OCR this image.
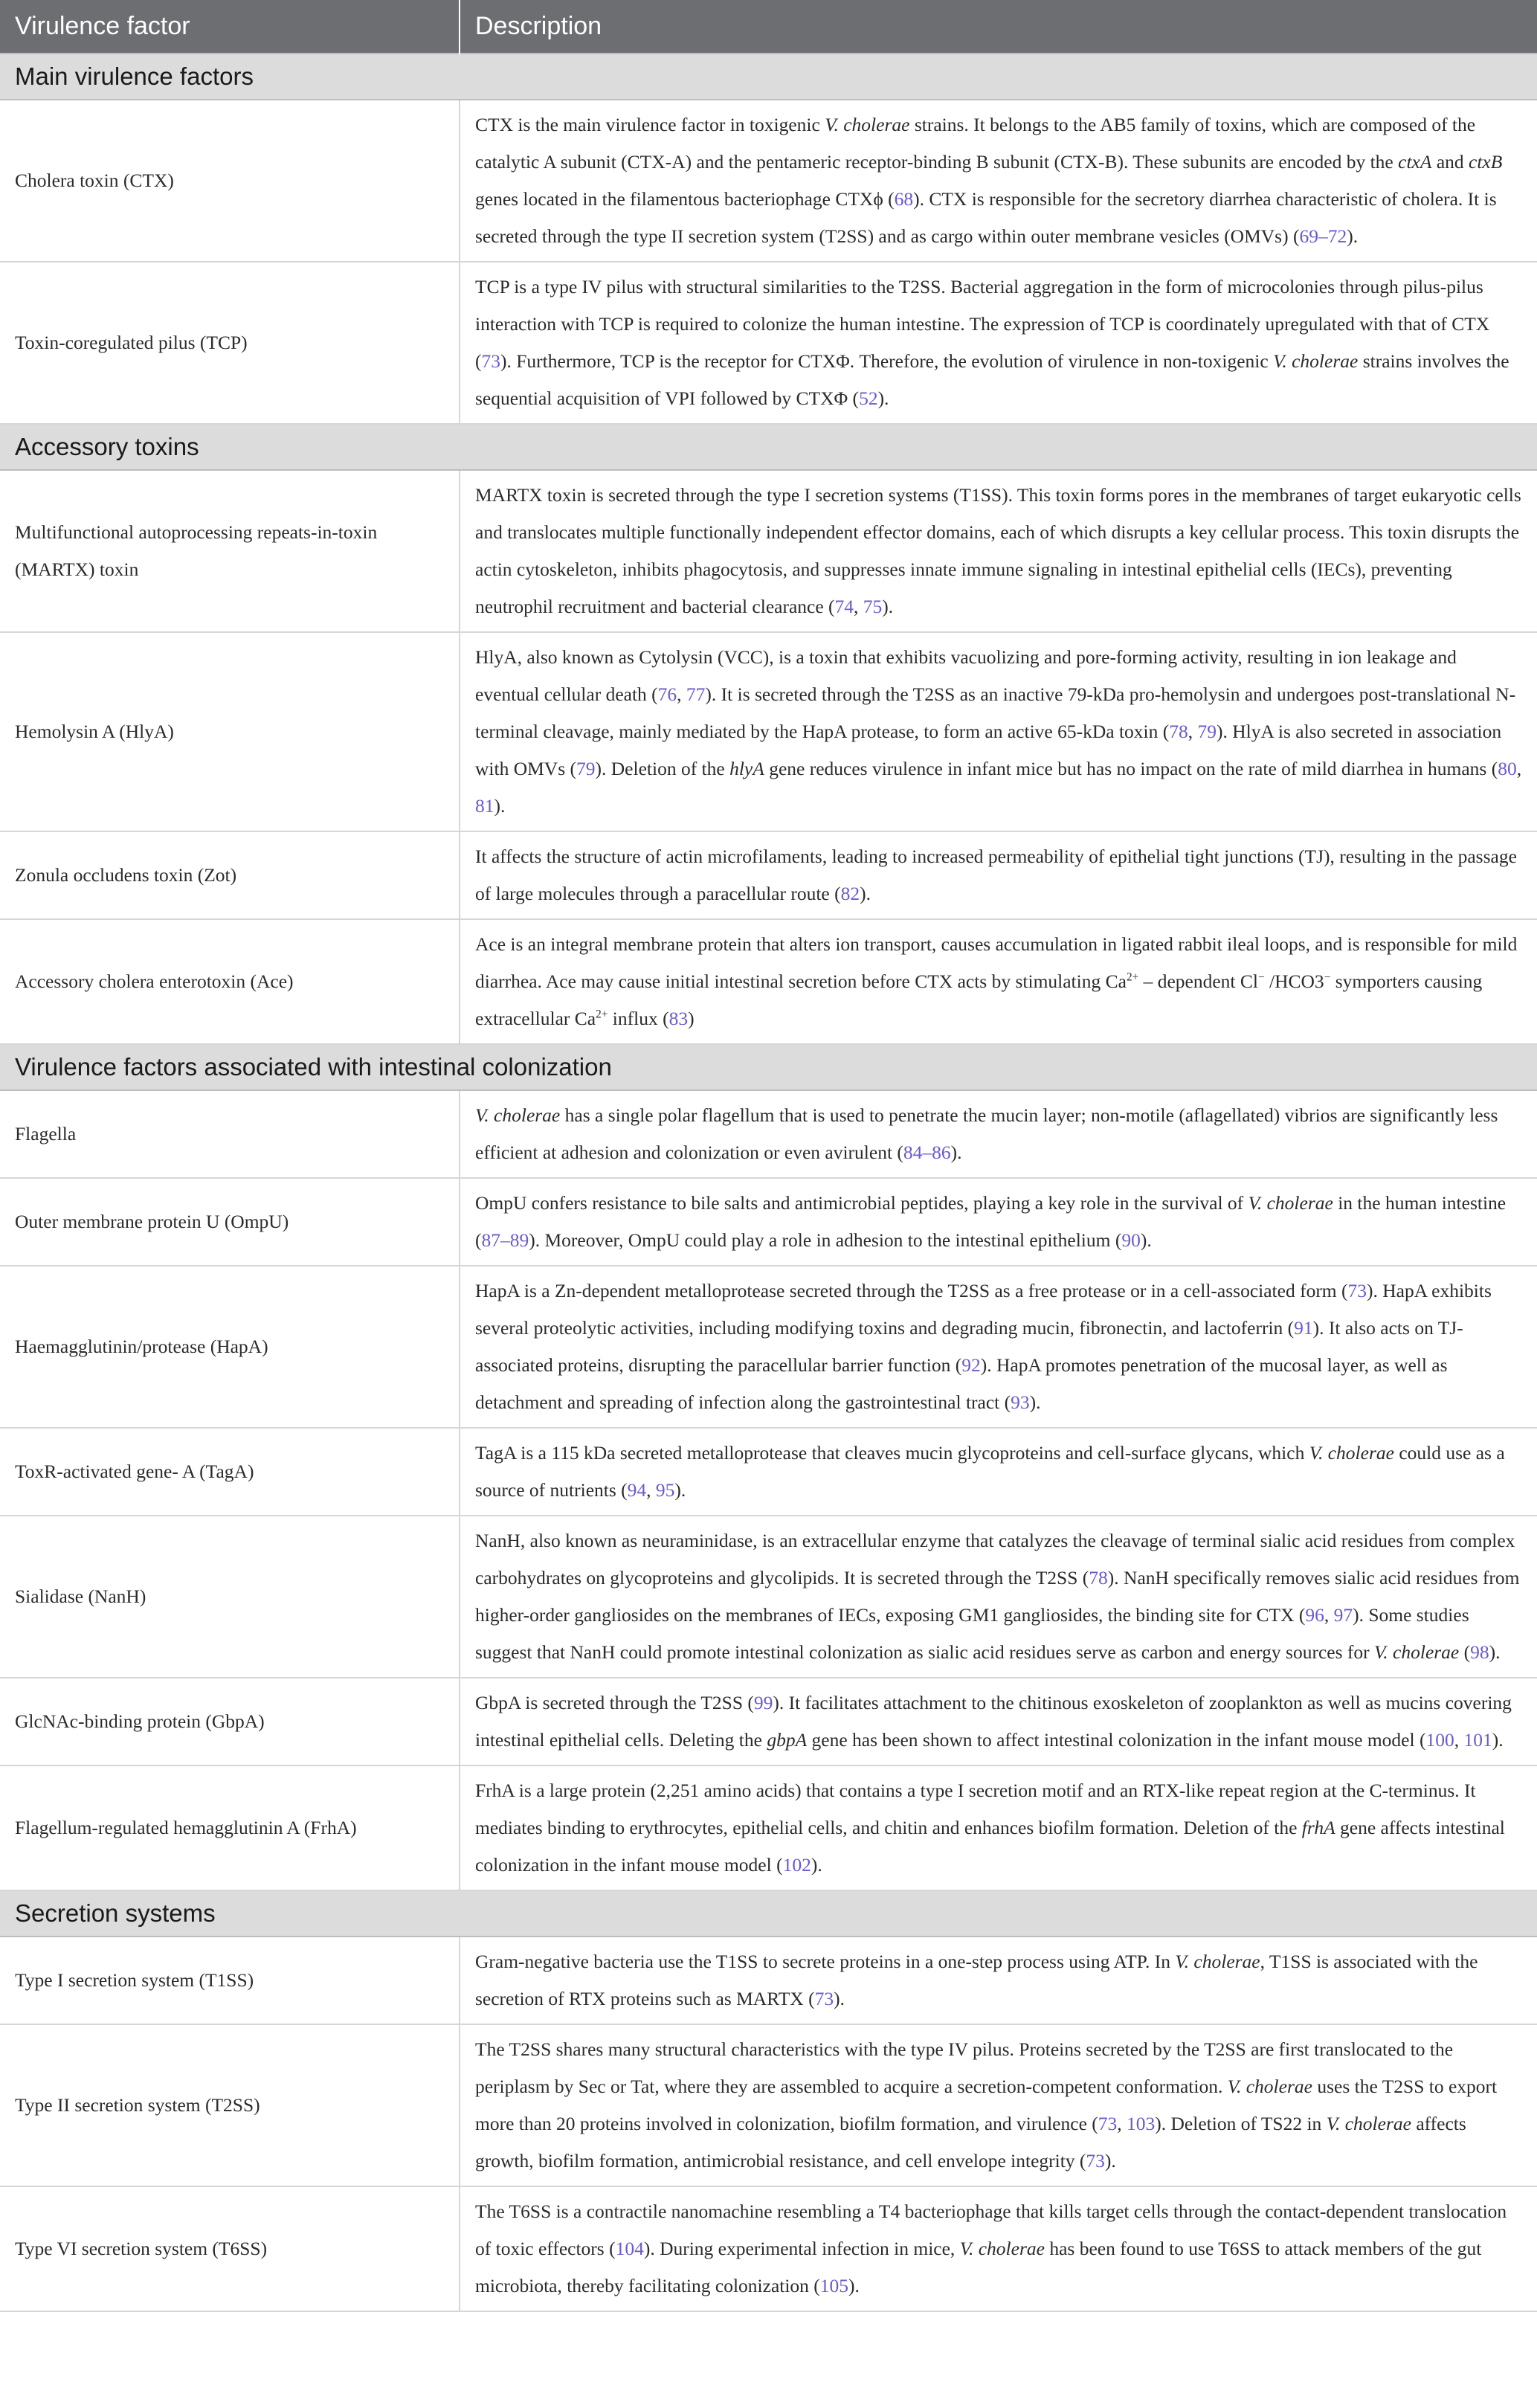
Virulence factor	Description
Main virulence factors	
Cholera toxin (CTX)	CTX is the main virulence factor in toxigenic V. cholerae strains. It belongs to the AB5 family of toxins, which are composed of the catalytic A subunit (CTX-A) and the pentameric receptor-binding B subunit (CTX-B). These subunits are encoded by the ctxA and ctxB genes located in the filamentous bacteriophage CTXϕ (68). CTX is responsible for the secretory diarrhea characteristic of cholera. It is secreted through the type II secretion system (T2SS) and as cargo within outer membrane vesicles (OMVs) (69–72).
Toxin-coregulated pilus (TCP)	TCP is a type IV pilus with structural similarities to the T2SS. Bacterial aggregation in the form of microcolonies through pilus-pilus interaction with TCP is required to colonize the human intestine. The expression of TCP is coordinately upregulated with that of CTX (73). Furthermore, TCP is the receptor for CTXΦ. Therefore, the evolution of virulence in non-toxigenic V. cholerae strains involves the sequential acquisition of VPI followed by CTXΦ (52).
Accessory toxins	
Multifunctional autoprocessing repeats-in-toxin (MARTX) toxin	MARTX toxin is secreted through the type I secretion systems (T1SS). This toxin forms pores in the membranes of target eukaryotic cells and translocates multiple functionally independent effector domains, each of which disrupts a key cellular process. This toxin disrupts the actin cytoskeleton, inhibits phagocytosis, and suppresses innate immune signaling in intestinal epithelial cells (IECs), preventing neutrophil recruitment and bacterial clearance (74, 75).
Hemolysin A (HlyA)	HlyA, also known as Cytolysin (VCC), is a toxin that exhibits vacuolizing and pore-forming activity, resulting in ion leakage and eventual cellular death (76, 77). It is secreted through the T2SS as an inactive 79-kDa pro-hemolysin and undergoes post-translational N- terminal cleavage, mainly mediated by the HapA protease, to form an active 65-kDa toxin (78, 79). HlyA is also secreted in association with OMVs (79). Deletion of the hlyA gene reduces virulence in infant mice but has no impact on the rate of mild diarrhea in humans (80, 81).
Zonula occludens toxin (Zot)	It affects the structure of actin microfilaments, leading to increased permeability of epithelial tight junctions (TJ), resulting in the passage of large molecules through a paracellular route (82).
Accessory cholera enterotoxin (Ace)	Ace is an integral membrane protein that alters ion transport, causes accumulation in ligated rabbit ileal loops, and is responsible for mild diarrhea. Ace may cause initial intestinal secretion before CTX acts by stimulating $Ca^{2+}$ – dependent Cl− /HCO3− symporters causing extracellular $Ca^{2+}$ influx (83)
Virulence factors associated with intestinal colonization	
Flagella	V. cholerae has a single polar flagellum that is used to penetrate the mucin layer; non-motile (aflagellated) vibrios are significantly less efficient at adhesion and colonization or even avirulent (84–86).
Outer membrane protein U (OmpU)	OmpU confers resistance to bile salts and antimicrobial peptides, playing a key role in the survival of V. cholerae in the human intestine (87–89). Moreover, OmpU could play a role in adhesion to the intestinal epithelium (90).
Haemagglutinin/protease (HapA)	HapA is a Zn-dependent metalloprotease secreted through the T2SS as a free protease or in a cell-associated form (73). HapA exhibits several proteolytic activities, including modifying toxins and degrading mucin, fibronectin, and lactoferrin (91). It also acts on TJ-associated proteins, disrupting the paracellular barrier function (92). HapA promotes penetration of the mucosal layer, as well as detachment and spreading of infection along the gastrointestinal tract (93).
ToxR-activated gene- A (TagA)	TagA is a 115 kDa secreted metalloprotease that cleaves mucin glycoproteins and cell-surface glycans, which V. cholerae could use as a source of nutrients (94, 95).
Sialidase (NanH)	NanH, also known as neuraminidase, is an extracellular enzyme that catalyzes the cleavage of terminal sialic acid residues from complex carbohydrates on glycoproteins and glycolipids. It is secreted through the T2SS (78). NanH specifically removes sialic acid residues from higher-order gangliosides on the membranes of IECs, exposing GM1 gangliosides, the binding site for CTX (96, 97). Some studies suggest that NanH could promote intestinal colonization as sialic acid residues serve as carbon and energy sources for V. cholerae (98).
GlcNAc-binding protein (GbpA)	GbpA is secreted through the T2SS (99). It facilitates attachment to the chitinous exoskeleton of zooplankton as well as mucins covering intestinal epithelial cells. Deleting the gbpA gene has been shown to affect intestinal colonization in the infant mouse model (100, 101).
Flagellum-regulated hemagglutinin A (FrhA)	FrhA is a large protein (2,251 amino acids) that contains a type I secretion motif and an RTX-like repeat region at the C-terminus. It mediates binding to erythrocytes, epithelial cells, and chitin and enhances biofilm formation. Deletion of the frhA gene affects intestinal colonization in the infant mouse model (102).
Secretion systems	
Type I secretion system (T1SS)	Gram-negative bacteria use the T1SS to secrete proteins in a one-step process using ATP. In V. cholerae, T1SS is associated with the secretion of RTX proteins such as MARTX (73).
Type II secretion system (T2SS)	The T2SS shares many structural characteristics with the type IV pilus. Proteins secreted by the T2SS are first translocated to the periplasm by Sec or Tat, where they are assembled to acquire a secretion-competent conformation. V. cholerae uses the T2SS to export more than 20 proteins involved in colonization, biofilm formation, and virulence (73, 103). Deletion of TS22 in V. cholerae affects growth, biofilm formation, antimicrobial resistance, and cell envelope integrity (73).
Type VI secretion system (T6SS)	The T6SS is a contractile nanomachine resembling a T4 bacteriophage that kills target cells through the contact-dependent translocation of toxic effectors (104). During experimental infection in mice, V. cholerae has been found to use T6SS to attack members of the gut microbiota, thereby facilitating colonization (105).
